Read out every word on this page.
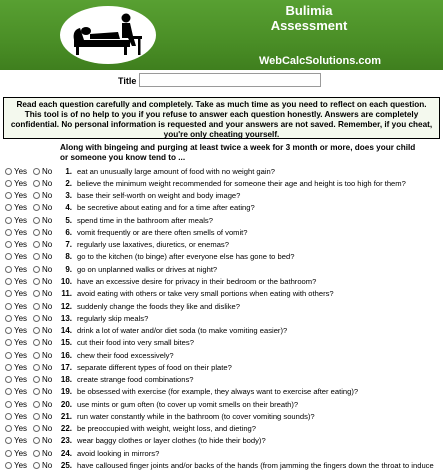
Bulimia
Assessment
WebCalcSolutions.com
Title
Read each question carefully and completely. Take as much time as you need to reflect on each question. This tool is of no help to you if you refuse to answer each question honestly. Answers are completely confidential. No personal information is requested and your answers are not saved. Remember, if you cheat, you're only cheating yourself.
Along with bingeing and purging at least twice a week for 3 month or more, does your child or someone you know tend to ...
Yes No	1. eat an unusually large amount of food with no weight gain?
Yes No	2. believe the minimum weight recommended for someone their age and height is too high for them?
Yes No	3. base their self-worth on weight and body image?
Yes No	4. be secretive about eating and for a time after eating?
Yes No	5. spend time in the bathroom after meals?
Yes No	6. vomit frequently or are there often smells of vomit?
Yes No	7. regularly use laxatives, diuretics, or enemas?
Yes No	8. go to the kitchen (to binge) after everyone else has gone to bed?
Yes No	9. go on unplanned walks or drives at night?
Yes No	10. have an excessive desire for privacy in their bedroom or the bathroom?
Yes No	11. avoid eating with others or take very small portions when eating with others?
Yes No	12. suddenly change the foods they like and dislike?
Yes No	13. regularly skip meals?
Yes No	14. drink a lot of water and/or diet soda (to make vomiting easier)?
Yes No	15. cut their food into very small bites?
Yes No	16. chew their food excessively?
Yes No	17. separate different types of food on their plate?
Yes No	18. create strange food combinations?
Yes No	19. be obsessed with exercise (for example, they always want to exercise after eating)?
Yes No	20. use mints or gum often (to cover up vomit smells on their breath)?
Yes No	21. run water constantly while in the bathroom (to cover vomiting sounds)?
Yes No	22. be preoccupied with weight, weight loss, and dieting?
Yes No	23. wear baggy clothes or layer clothes (to hide their body)?
Yes No	24. avoid looking in mirrors?
Yes No	25. have calloused finger joints and/or backs of the hands (from jamming the fingers down the throat to induce
